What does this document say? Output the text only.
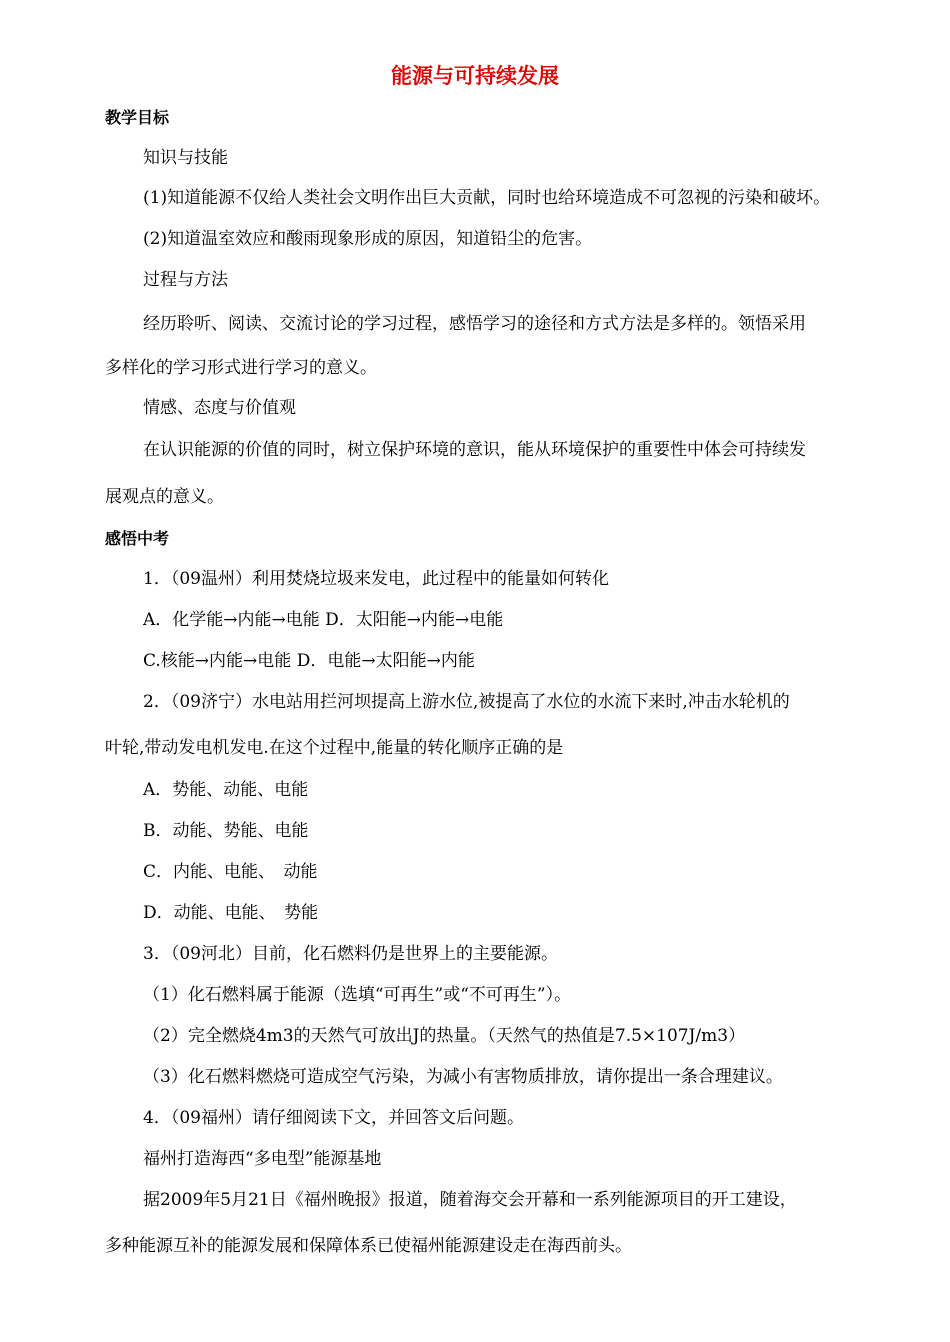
能源与可持续发展
教学目标
知识与技能
(1)知道能源不仅给人类社会文明作出巨大贡献，同时也给环境造成不可忽视的污染和破坏。
(2)知道温室效应和酸雨现象形成的原因，知道铅尘的危害。
过程与方法
经历聆听、阅读、交流讨论的学习过程，感悟学习的途径和方式方法是多样的。领悟采用
多样化的学习形式进行学习的意义。
情感、态度与价值观
在认识能源的价值的同时，树立保护环境的意识，能从环境保护的重要性中体会可持续发
展观点的意义。
感悟中考
1．（09温州）利用焚烧垃圾来发电，此过程中的能量如何转化
A．化学能→内能→电能 D．太阳能→内能→电能
C.核能→内能→电能 D．电能→太阳能→内能
2．（09济宁）水电站用拦河坝提高上游水位,被提高了水位的水流下来时,冲击水轮机的
叶轮,带动发电机发电.在这个过程中,能量的转化顺序正确的是
A．势能、动能、电能
B．动能、势能、电能
C．内能、电能、　动能
D．动能、电能、　势能
3．（09河北）目前，化石燃料仍是世界上的主要能源。
（1）化石燃料属于能源（选填“可再生”或“不可再生”）。
（2）完全燃烧4m3的天然气可放出J的热量。（天然气的热值是7.5×107J/m3）
（3）化石燃料燃烧可造成空气污染，为减小有害物质排放，请你提出一条合理建议。
4．（09福州）请仔细阅读下文，并回答文后问题。
福州打造海西“多电型”能源基地
据2009年5月21日《福州晚报》报道，随着海交会开幕和一系列能源项目的开工建设，
多种能源互补的能源发展和保障体系已使福州能源建设走在海西前头。
